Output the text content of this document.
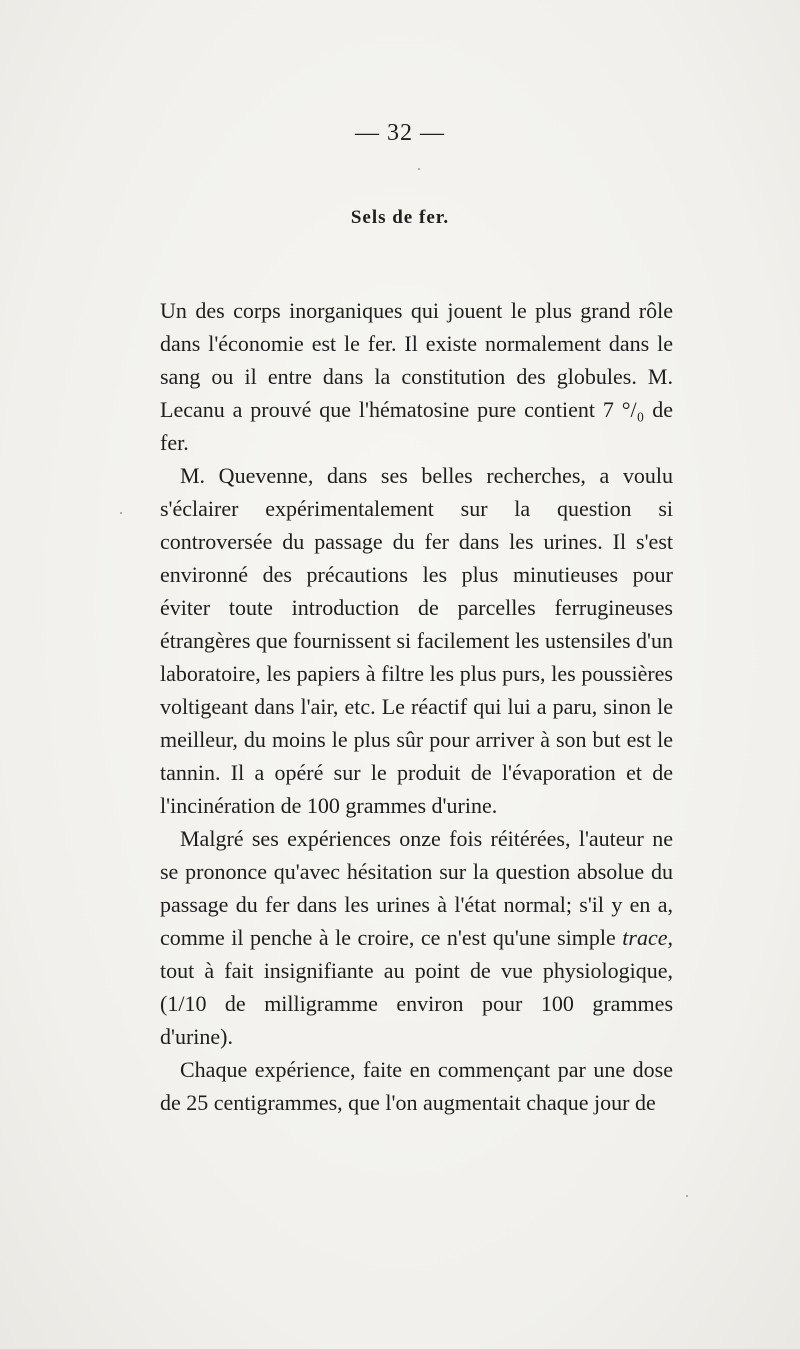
— 32 —
Sels de fer.

Un des corps inorganiques qui jouent le plus grand rôle dans l'économie est le fer. Il existe normalement dans le sang ou il entre dans la constitution des globules. M. Lecanu a prouvé que l'hématosine pure contient 7 °/₀ de fer.

M. Quevenne, dans ses belles recherches, a voulu s'éclairer expérimentalement sur la question si controversée du passage du fer dans les urines. Il s'est environné des précautions les plus minutieuses pour éviter toute introduction de parcelles ferrugineuses étrangères que fournissent si facilement les ustensiles d'un laboratoire, les papiers à filtre les plus purs, les poussières voltigeant dans l'air, etc. Le réactif qui lui a paru, sinon le meilleur, du moins le plus sûr pour arriver à son but est le tannin. Il a opéré sur le produit de l'évaporation et de l'incinération de 100 grammes d'urine.

Malgré ses expériences onze fois réitérées, l'auteur ne se prononce qu'avec hésitation sur la question absolue du passage du fer dans les urines à l'état normal; s'il y en a, comme il penche à le croire, ce n'est qu'une simple trace, tout à fait insignifiante au point de vue physiologique, (1/10 de milligramme environ pour 100 grammes d'urine).

Chaque expérience, faite en commençant par une dose de 25 centigrammes, que l'on augmentait chaque jour de
